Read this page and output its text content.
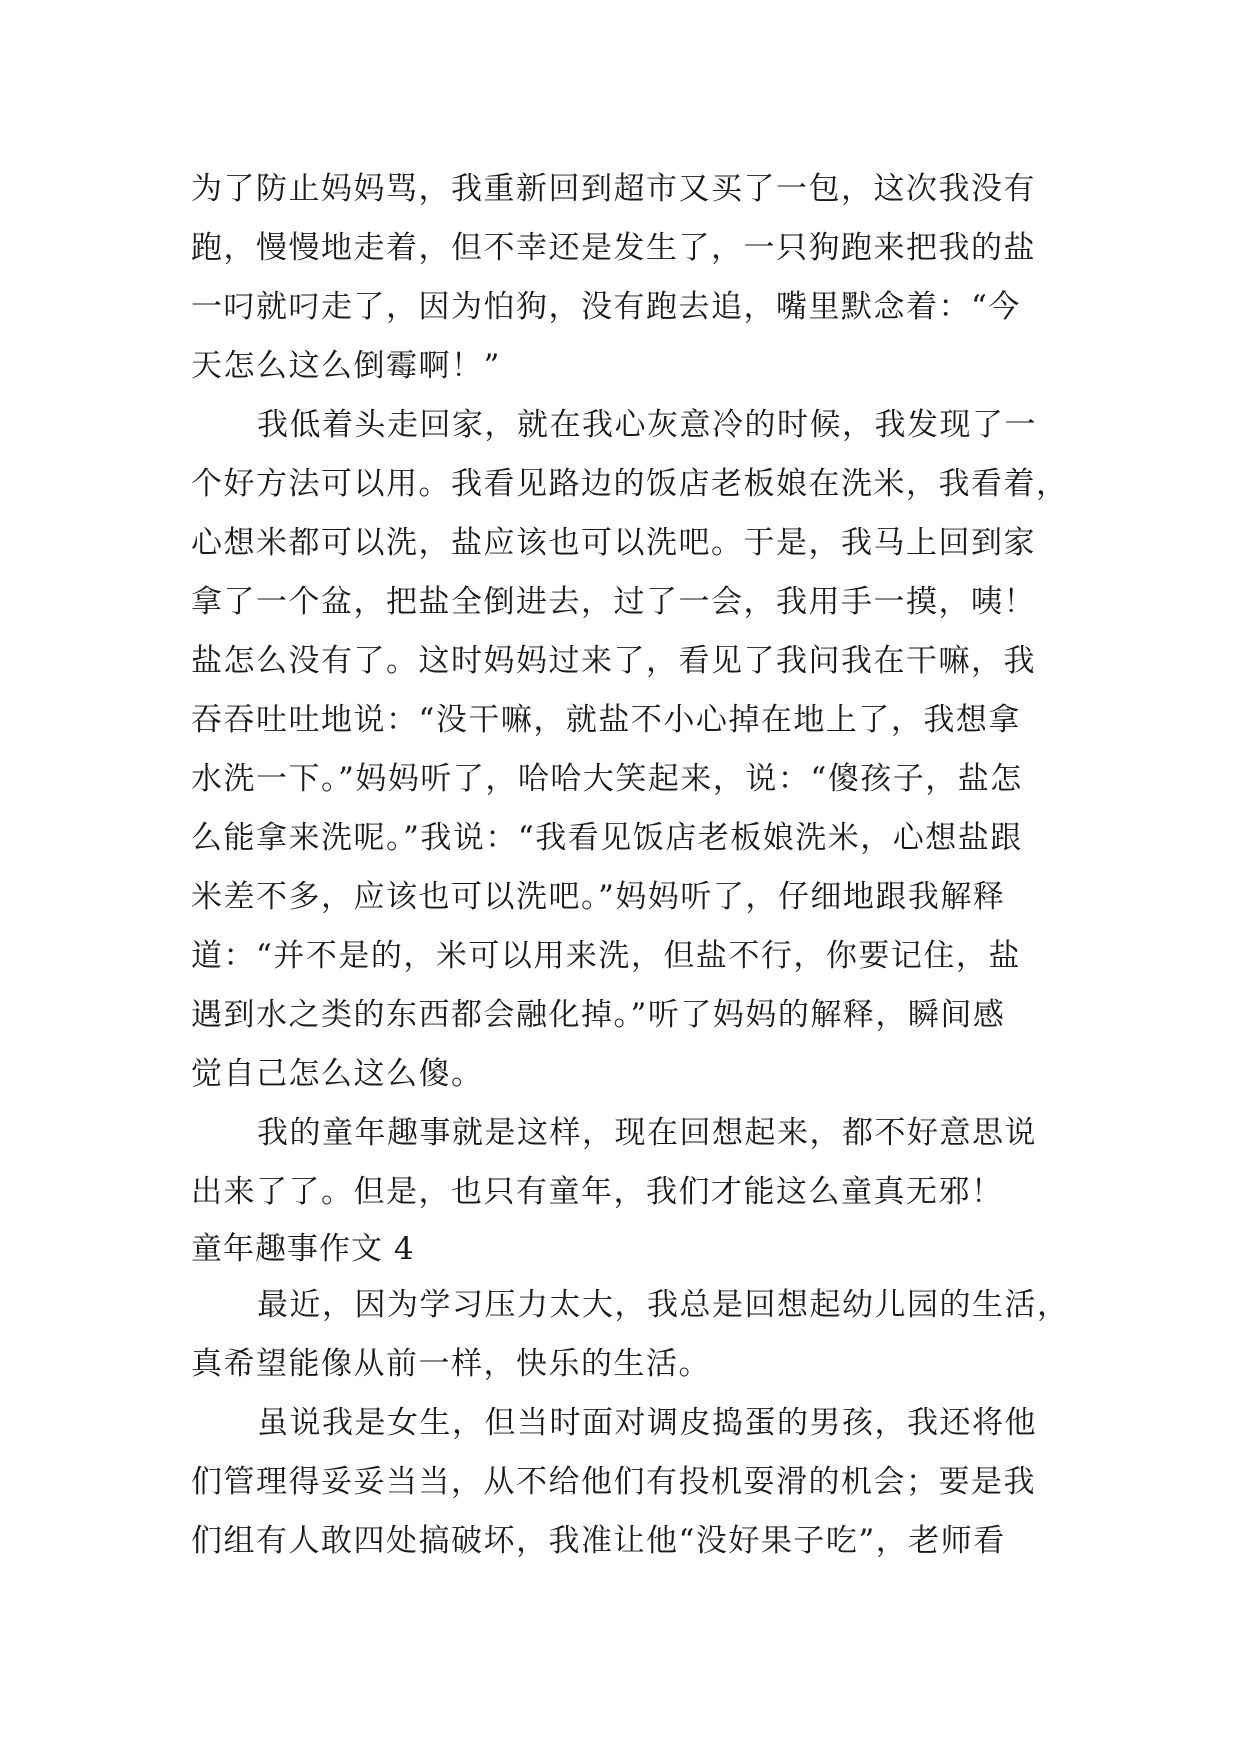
为了防止妈妈骂，我重新回到超市又买了一包，这次我没有
跑，慢慢地走着，但不幸还是发生了，一只狗跑来把我的盐
一叼就叼走了，因为怕狗，没有跑去追，嘴里默念着：“今
天怎么这么倒霉啊！”
我低着头走回家，就在我心灰意冷的时候，我发现了一
个好方法可以用。我看见路边的饭店老板娘在洗米，我看着，
心想米都可以洗，盐应该也可以洗吧。于是，我马上回到家
拿了一个盆，把盐全倒进去，过了一会，我用手一摸，咦！
盐怎么没有了。这时妈妈过来了，看见了我问我在干嘛，我
吞吞吐吐地说：“没干嘛，就盐不小心掉在地上了，我想拿
水洗一下。”妈妈听了，哈哈大笑起来，说：“傻孩子，盐怎
么能拿来洗呢。”我说：“我看见饭店老板娘洗米，心想盐跟
米差不多，应该也可以洗吧。”妈妈听了，仔细地跟我解释
道：“并不是的，米可以用来洗，但盐不行，你要记住，盐
遇到水之类的东西都会融化掉。”听了妈妈的解释，瞬间感
觉自己怎么这么傻。
我的童年趣事就是这样，现在回想起来，都不好意思说
出来了了。但是，也只有童年，我们才能这么童真无邪！
童年趣事作文 4
最近，因为学习压力太大，我总是回想起幼儿园的生活，
真希望能像从前一样，快乐的生活。
虽说我是女生，但当时面对调皮捣蛋的男孩，我还将他
们管理得妥妥当当，从不给他们有投机耍滑的机会；要是我
们组有人敢四处搞破坏，我准让他“没好果子吃”，老师看
